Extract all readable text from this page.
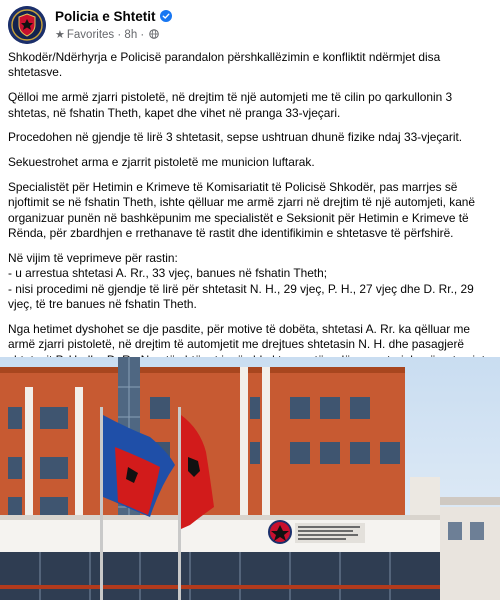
Policia e Shtetit
★ Favorites · 8h ·

Shkodër/Ndërhyrja e Policisë parandalon përshkallëzimin e konfliktit ndërmjet disa shtetasve.

Qëlloi me armë zjarri pistoletë, në drejtim të një automjeti me të cilin po qarkullonin 3 shtetas, në fshatin Theth, kapet dhe vihet në pranga 33-vjeçari.

Procedohen në gjendje të lirë 3 shtetasit, sepse ushtruan dhunë fizike ndaj 33-vjeçarit.

Sekuestrohet arma e zjarrit pistoletë me municion luftarak.

Specialistët për Hetimin e Krimeve të Komisariatit të Policisë Shkodër, pas marrjes së njoftimit se në fshatin Theth, ishte qëlluar me armë zjarri në drejtim të një automjeti, kanë organizuar punën në bashkëpunim me specialistët e Seksionit për Hetimin e Krimeve të Rënda, për zbardhjen e rrethanave të rastit dhe identifikimin e shtetasve të përfshirë.

Në vijim të veprimeve për rastin:
- u arrestua shtetasi A. Rr., 33 vjeç, banues në fshatin Theth;
- nisi procedimi në gjendje të lirë për shtetasit N. H., 29 vjeç, P. H., 27 vjeç dhe D. Rr., 29 vjeç, të tre banues në fshatin Theth.

Nga hetimet dyshohet se dje pasdite, për motive të dobëta, shtetasi A. Rr. ka qëlluar me armë zjarri pistoletë, në drejtim të automjetit me drejtues shtetasin N. H. dhe pasagjerë
